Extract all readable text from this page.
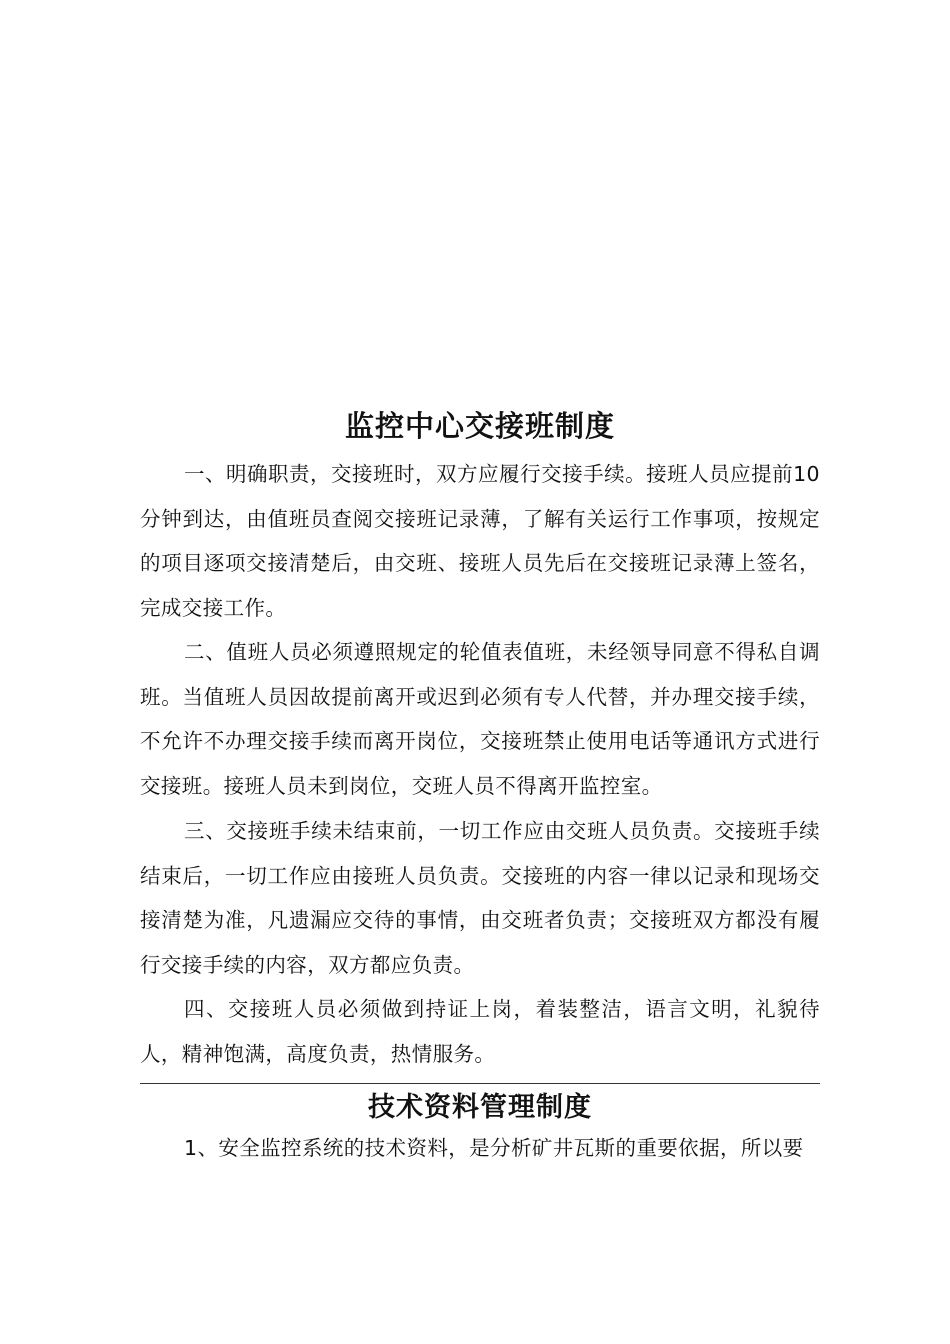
监控中心交接班制度

一、明确职责，交接班时，双方应履行交接手续。接班人员应提前10分钟到达，由值班员查阅交接班记录薄，了解有关运行工作事项，按规定的项目逐项交接清楚后，由交班、接班人员先后在交接班记录薄上签名，完成交接工作。

二、值班人员必须遵照规定的轮值表值班，未经领导同意不得私自调班。当值班人员因故提前离开或迟到必须有专人代替，并办理交接手续，不允许不办理交接手续而离开岗位，交接班禁止使用电话等通讯方式进行交接班。接班人员未到岗位，交班人员不得离开监控室。

三、交接班手续未结束前，一切工作应由交班人员负责。交接班手续结束后，一切工作应由接班人员负责。交接班的内容一律以记录和现场交接清楚为准，凡遗漏应交待的事情，由交班者负责；交接班双方都没有履行交接手续的内容，双方都应负责。

四、交接班人员必须做到持证上岗，着装整洁，语言文明，礼貌待人，精神饱满，高度负责，热情服务。

技术资料管理制度

1、安全监控系统的技术资料，是分析矿井瓦斯的重要依据，所以要
